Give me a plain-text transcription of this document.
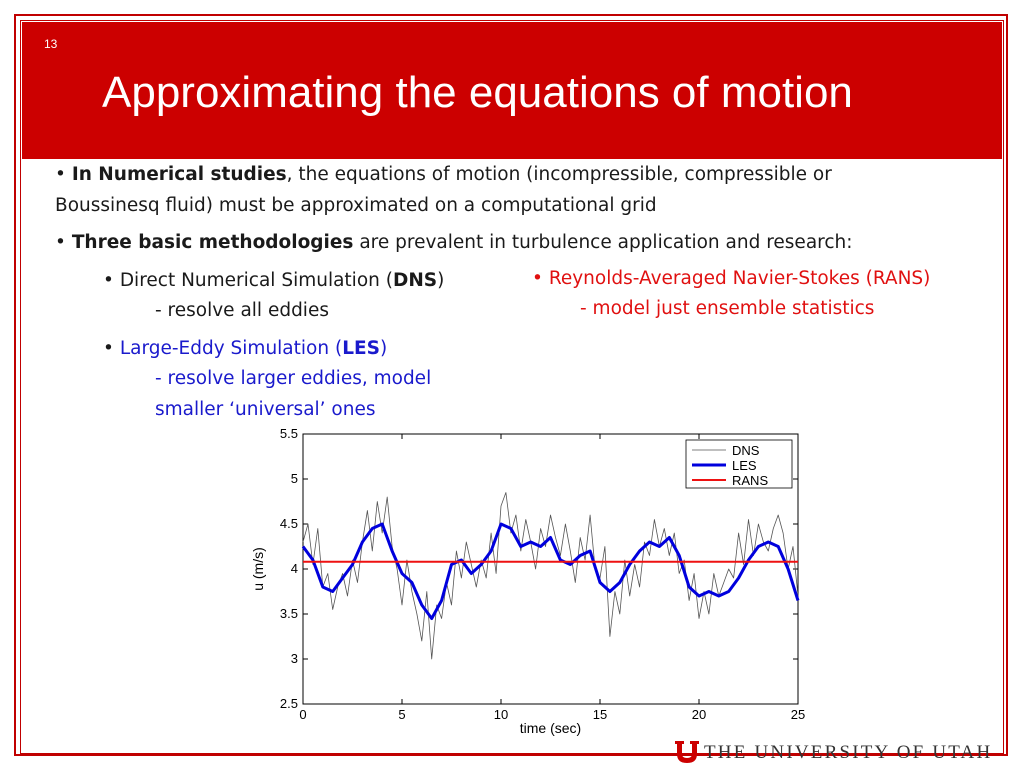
13
Approximating the equations of motion
• In Numerical studies, the equations of motion (incompressible, compressible or
Boussinesq fluid) must be approximated on a computational grid
• Three basic methodologies are prevalent in turbulence application and research:
• Direct Numerical Simulation (DNS)
- resolve all eddies
• Large-Eddy Simulation (LES)
- resolve larger eddies, model
smaller ‘universal’ ones
• Reynolds-Averaged Navier-Stokes (RANS)
- model just ensemble statistics
0	5	10	15	20	25
2.5
3
3.5
4
4.5
5
5.5
time (sec)
u (m/s)
DNS
LES
RANS
THE UNIVERSITY OF UTAH
